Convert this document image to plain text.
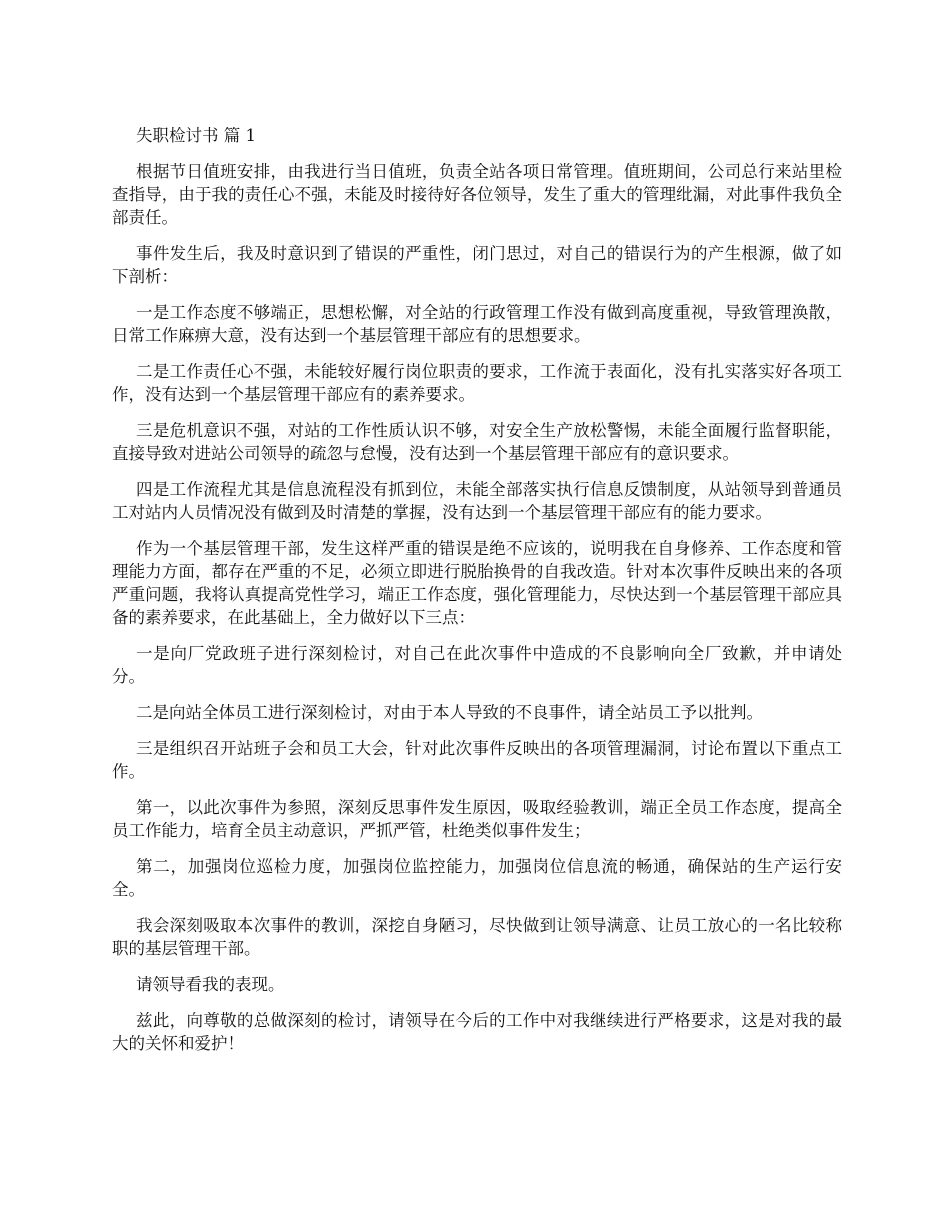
失职检讨书 篇 1

根据节日值班安排，由我进行当日值班，负责全站各项日常管理。值班期间，公司总行来站里检查指导，由于我的责任心不强，未能及时接待好各位领导，发生了重大的管理纰漏，对此事件我负全部责任。

事件发生后，我及时意识到了错误的严重性，闭门思过，对自己的错误行为的产生根源，做了如下剖析：

一是工作态度不够端正，思想松懈，对全站的行政管理工作没有做到高度重视，导致管理涣散，日常工作麻痹大意，没有达到一个基层管理干部应有的思想要求。

二是工作责任心不强，未能较好履行岗位职责的要求，工作流于表面化，没有扎实落实好各项工作，没有达到一个基层管理干部应有的素养要求。

三是危机意识不强，对站的工作性质认识不够，对安全生产放松警惕，未能全面履行监督职能，直接导致对进站公司领导的疏忽与怠慢，没有达到一个基层管理干部应有的意识要求。

四是工作流程尤其是信息流程没有抓到位，未能全部落实执行信息反馈制度，从站领导到普通员工对站内人员情况没有做到及时清楚的掌握，没有达到一个基层管理干部应有的能力要求。

作为一个基层管理干部，发生这样严重的错误是绝不应该的，说明我在自身修养、工作态度和管理能力方面，都存在严重的不足，必须立即进行脱胎换骨的自我改造。针对本次事件反映出来的各项严重问题，我将认真提高党性学习，端正工作态度，强化管理能力，尽快达到一个基层管理干部应具备的素养要求，在此基础上，全力做好以下三点：

一是向厂党政班子进行深刻检讨，对自己在此次事件中造成的不良影响向全厂致歉，并申请处分。

二是向站全体员工进行深刻检讨，对由于本人导致的不良事件，请全站员工予以批判。

三是组织召开站班子会和员工大会，针对此次事件反映出的各项管理漏洞，讨论布置以下重点工作。

第一，以此次事件为参照，深刻反思事件发生原因，吸取经验教训，端正全员工作态度，提高全员工作能力，培育全员主动意识，严抓严管，杜绝类似事件发生；

第二，加强岗位巡检力度，加强岗位监控能力，加强岗位信息流的畅通，确保站的生产运行安全。

我会深刻吸取本次事件的教训，深挖自身陋习，尽快做到让领导满意、让员工放心的一名比较称职的基层管理干部。

请领导看我的表现。

兹此，向尊敬的总做深刻的检讨，请领导在今后的工作中对我继续进行严格要求，这是对我的最大的关怀和爱护！
